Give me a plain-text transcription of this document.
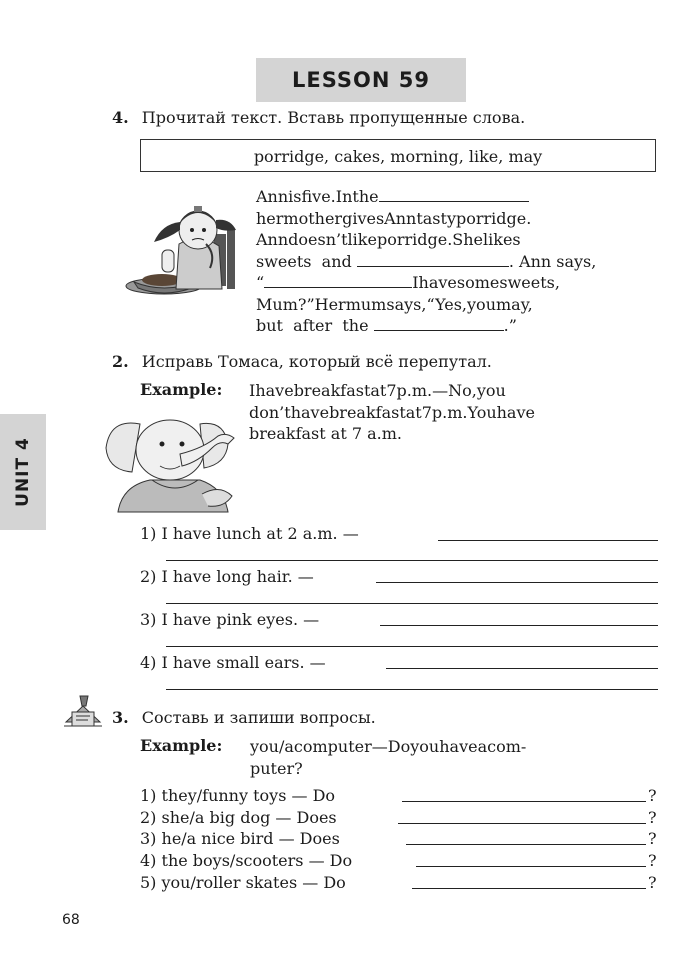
LESSON 59
UNIT 4
4. Прочитай текст. Вставь пропущенные слова.
porridge, cakes, morning, like, may
Annisfive.Inthe
hermothergivesAnntastyporridge.
Anndoesn’tlikeporridge.Shelikes
sweets and	. Ann says,
“	Ihavesomesweets,
Mum?”Hermumsays,“Yes,youmay,
but after the	.”
2. Исправь Томаса, который всё перепутал.
Example: Ihavebreakfastat7p.m.—No,you
don’thavebreakfastat7p.m.Youhave
breakfast at 7 a.m.
1) I have lunch at 2 a.m. —
2) I have long hair. —
3) I have pink eyes. —
4) I have small ears. —
3. Составь и запиши вопросы.
Example: you/acomputer—Doyouhaveacom-
puter?
1) they/funny toys — Do	?
2) she/a big dog — Does	?
3) he/a nice bird — Does	?
4) the boys/scooters — Do	?
5) you/roller skates — Do	?
68
